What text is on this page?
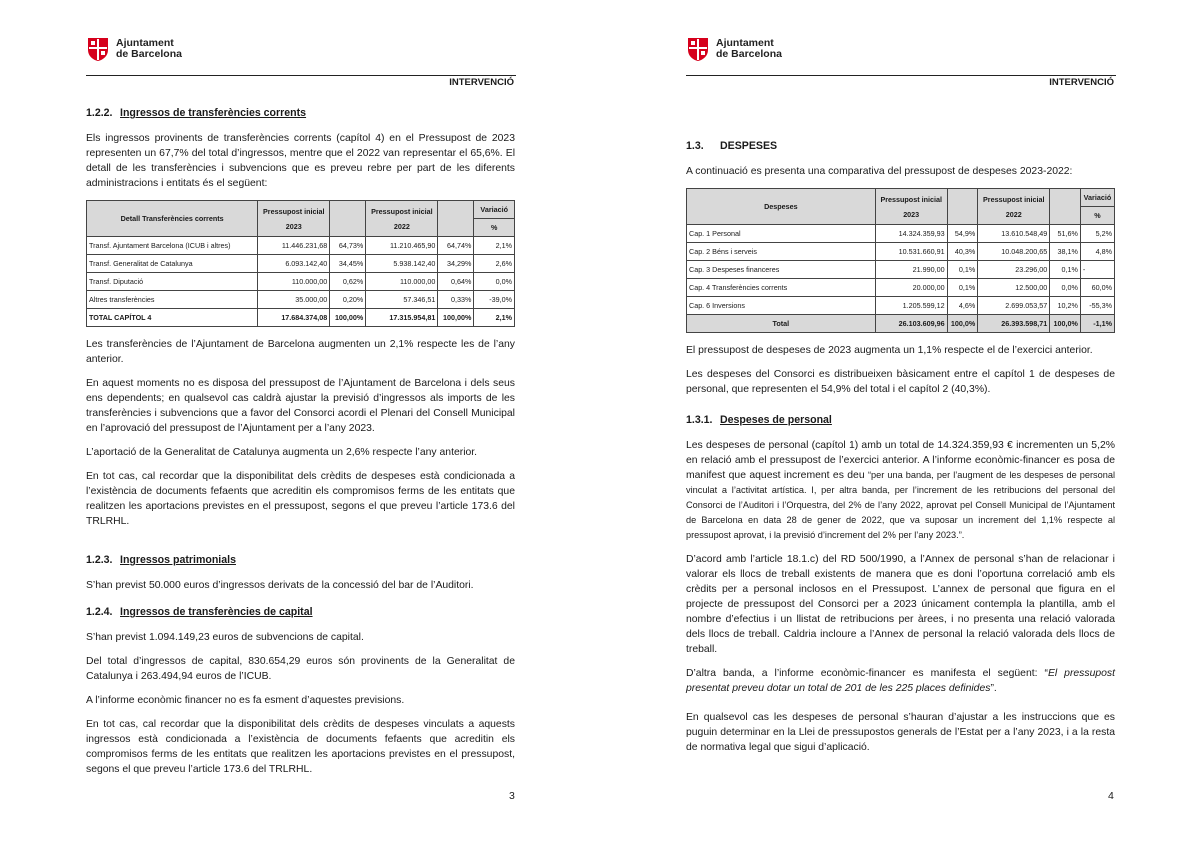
Ajuntament
de Barcelona
INTERVENCIÓ
1.2.2. Ingressos de transferències corrents

Els ingressos provinents de transferències corrents (capítol 4) en el Pressupost de 2023 representen un 67,7% del total d’ingressos, mentre que el 2022 van representar el 65,6%. El detall de les transferències i subvencions que es preveu rebre per part de les diferents administracions i entitats és el següent:

Detall Transferències corrents	Pressupost inicial 2023		Pressupost inicial 2022		Variació
					%
Transf. Ajuntament Barcelona (ICUB i altres)	11.446.231,68	64,73%	11.210.465,90	64,74%	2,1%
Transf. Generalitat de Catalunya	6.093.142,40	34,45%	5.938.142,40	34,29%	2,6%
Transf. Diputació	110.000,00	0,62%	110.000,00	0,64%	0,0%
Altres transferències	35.000,00	0,20%	57.346,51	0,33%	-39,0%
TOTAL CAPÍTOL 4	17.684.374,08	100,00%	17.315.954,81	100,00%	2,1%

Les transferències de l’Ajuntament de Barcelona augmenten un 2,1% respecte les de l’any anterior.

En aquest moments no es disposa del pressupost de l’Ajuntament de Barcelona i dels seus ens dependents; en qualsevol cas caldrà ajustar la previsió d’ingressos als imports de les transferències i subvencions que a favor del Consorci acordi el Plenari del Consell Municipal en l’aprovació del pressupost de l’Ajuntament per a l’any 2023.

L’aportació de la Generalitat de Catalunya augmenta un 2,6% respecte l’any anterior.

En tot cas, cal recordar que la disponibilitat dels crèdits de despeses està condicionada a l’existència de documents fefaents que acreditin els compromisos ferms de les entitats que realitzen les aportacions previstes en el pressupost, segons el que preveu l’article 173.6 del TRLRHL.

1.2.3. Ingressos patrimonials

S’han previst 50.000 euros d’ingressos derivats de la concessió del bar de l’Auditori.

1.2.4. Ingressos de transferències de capital

S’han previst 1.094.149,23 euros de subvencions de capital.

Del total d’ingressos de capital, 830.654,29 euros són provinents de la Generalitat de Catalunya i 263.494,94 euros de l’ICUB.

A l’informe econòmic financer no es fa esment d’aquestes previsions.

En tot cas, cal recordar que la disponibilitat dels crèdits de despeses vinculats a aquests ingressos està condicionada a l’existència de documents fefaents que acreditin els compromisos ferms de les entitats que realitzen les aportacions previstes en el pressupost, segons el que preveu l’article 173.6 del TRLRHL.

3
Ajuntament
de Barcelona
INTERVENCIÓ
1.3. DESPESES

A continuació es presenta una comparativa del pressupost de despeses 2023-2022:

Despeses	Pressupost inicial 2023		Pressupost inicial 2022		Variació
					%
Cap. 1 Personal	14.324.359,93	54,9%	13.610.548,49	51,6%	5,2%
Cap. 2 Béns i serveis	10.531.660,91	40,3%	10.048.200,65	38,1%	4,8%
Cap. 3 Despeses financeres	21.990,00	0,1%	23.296,00	0,1%	-
Cap. 4 Transferències corrents	20.000,00	0,1%	12.500,00	0,0%	60,0%
Cap. 6 Inversions	1.205.599,12	4,6%	2.699.053,57	10,2%	-55,3%
Total	26.103.609,96	100,0%	26.393.598,71	100,0%	-1,1%

El pressupost de despeses de 2023 augmenta un 1,1% respecte el de l’exercici anterior.

Les despeses del Consorci es distribueixen bàsicament entre el capítol 1 de despeses de personal, que representen el 54,9% del total i el capítol 2 (40,3%).

1.3.1. Despeses de personal

Les despeses de personal (capítol 1) amb un total de 14.324.359,93 € incrementen un 5,2% en relació amb el pressupost de l’exercici anterior. A l’informe econòmic-financer es posa de manifest que aquest increment es deu “per una banda, per l’augment de les despeses de personal vinculat a l’activitat artística. I, per altra banda, per l’increment de les retribucions del personal del Consorci de l’Auditori i l’Orquestra, del 2% de l’any 2022, aprovat pel Consell Municipal de l’Ajuntament de Barcelona en data 28 de gener de 2022, que va suposar un increment del 1,1% respecte al pressupost aprovat, i la previsió d’increment del 2% per l’any 2023.”.

D’acord amb l’article 18.1.c) del RD 500/1990, a l’Annex de personal s’han de relacionar i valorar els llocs de treball existents de manera que es doni l’oportuna correlació amb els crèdits per a personal inclosos en el Pressupost. L’annex de personal que figura en el projecte de pressupost del Consorci per a 2023 únicament contempla la plantilla, amb el nombre d’efectius i un llistat de retribucions per àrees, i no presenta una relació valorada dels llocs de treball. Caldria incloure a l’Annex de personal la relació valorada dels llocs de treball.

D’altra banda, a l’informe econòmic-financer es manifesta el següent: “El pressupost presentat preveu dotar un total de 201 de les 225 places definides”.

En qualsevol cas les despeses de personal s’hauran d’ajustar a les instruccions que es puguin determinar en la Llei de pressupostos generals de l’Estat per a l’any 2023, i a la resta de normativa legal que sigui d’aplicació.

4
